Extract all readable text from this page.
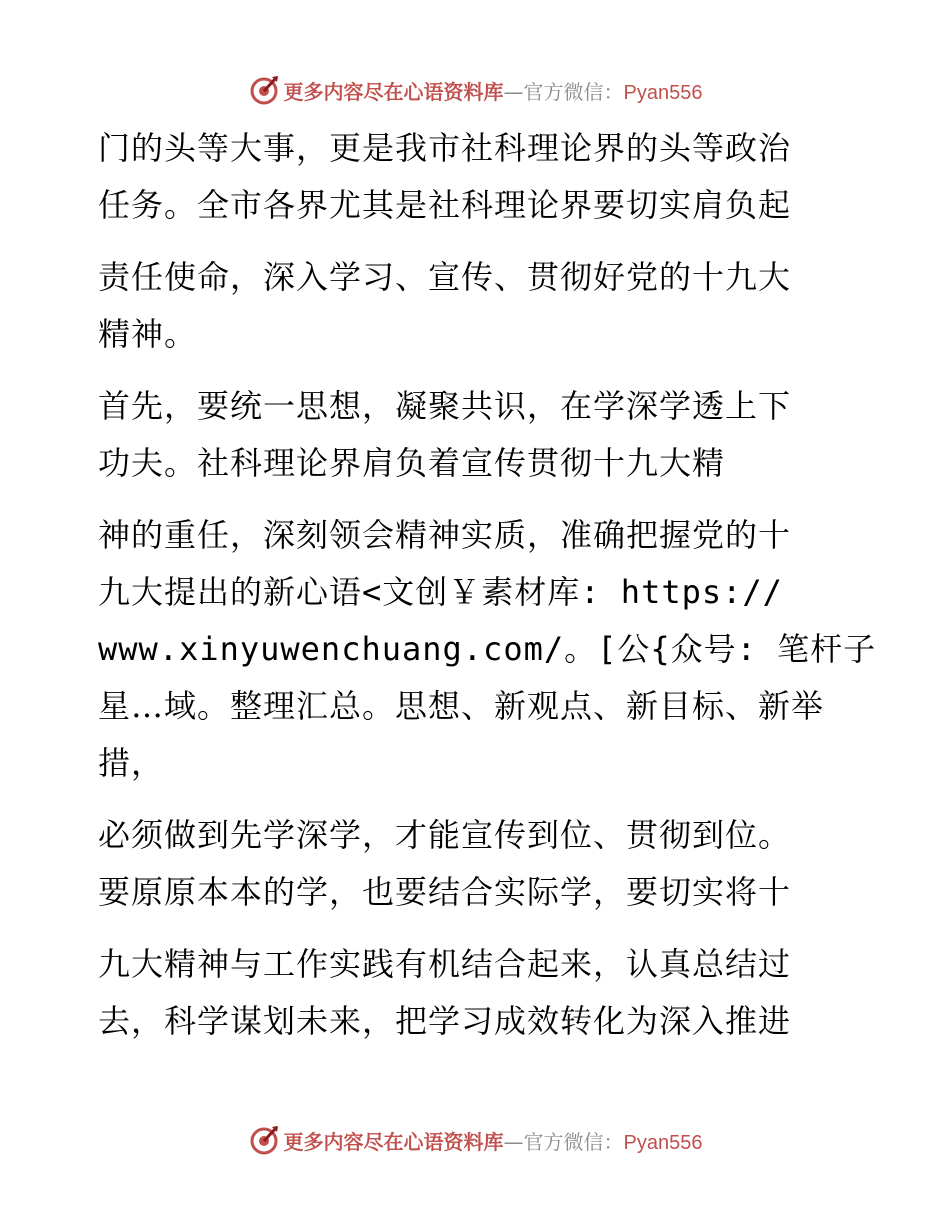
更多内容尽在心语资料库—官方微信：Pyan556
门的头等大事，更是我市社科理论界的头等政治
任务。全市各界尤其是社科理论界要切实肩负起
责任使命，深入学习、宣传、贯彻好党的十九大
精神。
首先，要统一思想，凝聚共识，在学深学透上下
功夫。社科理论界肩负着宣传贯彻十九大精
神的重任，深刻领会精神实质，准确把握党的十
九大提出的新心语<文创￥素材库: https://
www.xinyuwenchuang.com/。[公{众号: 笔杆子
星…域。整理汇总。思想、新观点、新目标、新举
措，
必须做到先学深学，才能宣传到位、贯彻到位。
要原原本本的学，也要结合实际学，要切实将十
九大精神与工作实践有机结合起来，认真总结过
去，科学谋划未来，把学习成效转化为深入推进
更多内容尽在心语资料库—官方微信：Pyan556
